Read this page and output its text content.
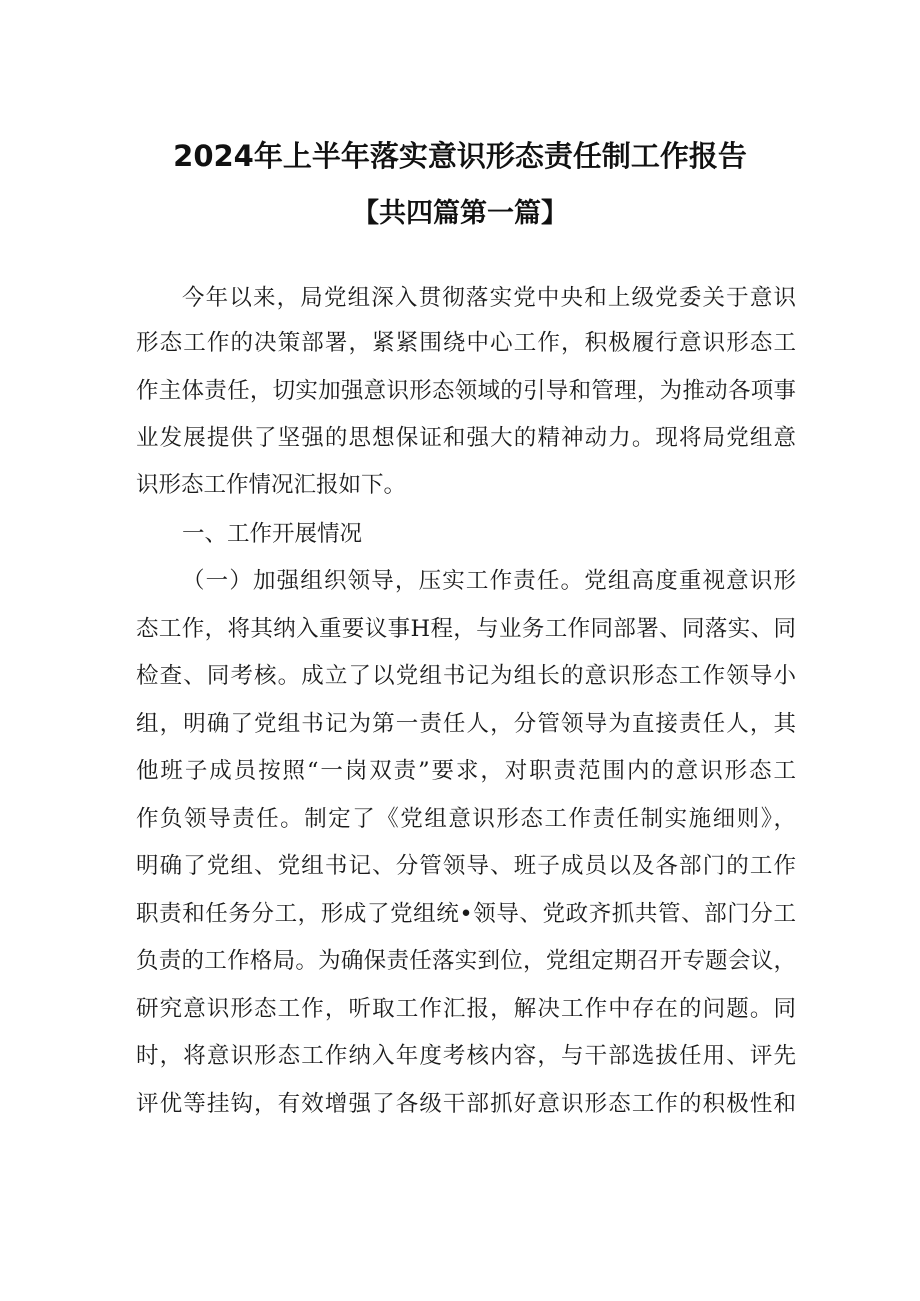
2024年上半年落实意识形态责任制工作报告
【共四篇第一篇】

今年以来，局党组深入贯彻落实党中央和上级党委关于意识

形态工作的决策部署，紧紧围绕中心工作，积极履行意识形态工

作主体责任，切实加强意识形态领域的引导和管理，为推动各项事

业发展提供了坚强的思想保证和强大的精神动力。现将局党组意

识形态工作情况汇报如下。

一、工作开展情况

（一）加强组织领导，压实工作责任。党组高度重视意识形

态工作，将其纳入重要议事H程，与业务工作同部署、同落实、同

检查、同考核。成立了以党组书记为组长的意识形态工作领导小

组，明确了党组书记为第一责任人，分管领导为直接责任人，其

他班子成员按照“一岗双责”要求，对职责范围内的意识形态工

作负领导责任。制定了《党组意识形态工作责任制实施细则》，

明确了党组、党组书记、分管领导、班子成员以及各部门的工作

职责和任务分工，形成了党组统•领导、党政齐抓共管、部门分工

负责的工作格局。为确保责任落实到位，党组定期召开专题会议，

研究意识形态工作，听取工作汇报，解决工作中存在的问题。同

时，将意识形态工作纳入年度考核内容，与干部选拔任用、评先

评优等挂钩，有效增强了各级干部抓好意识形态工作的积极性和
